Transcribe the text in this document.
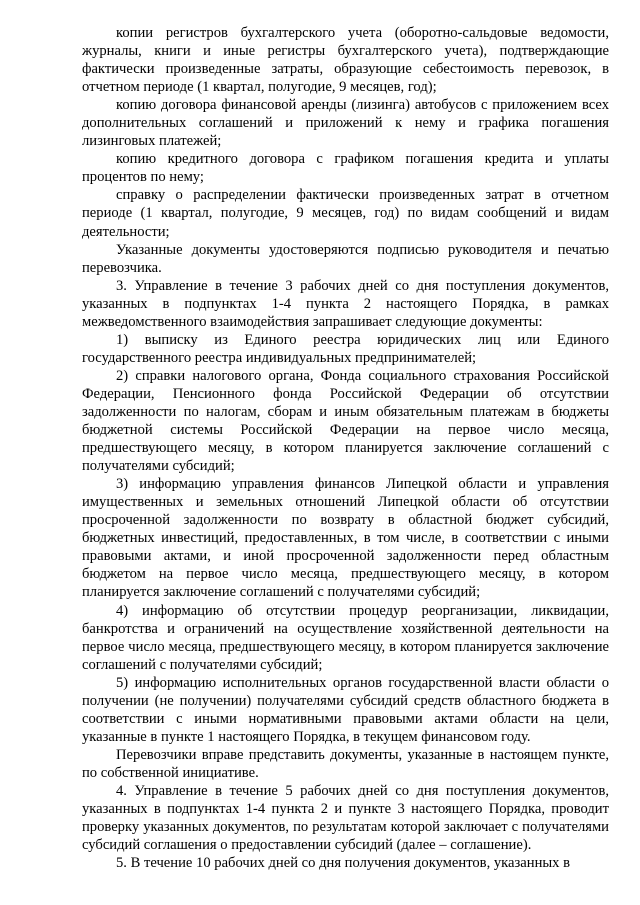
копии регистров бухгалтерского учета (оборотно-сальдовые ведомости, журналы, книги и иные регистры бухгалтерского учета), подтверждающие фактически произведенные затраты, образующие себестоимость перевозок, в отчетном периоде (1 квартал, полугодие, 9 месяцев, год);

копию договора финансовой аренды (лизинга) автобусов с приложением всех дополнительных соглашений и приложений к нему и графика погашения лизинговых платежей;

копию кредитного договора с графиком погашения кредита и уплаты процентов по нему;

справку о распределении фактически произведенных затрат в отчетном периоде (1 квартал, полугодие, 9 месяцев, год) по видам сообщений и видам деятельности;

Указанные документы удостоверяются подписью руководителя и печатью перевозчика.

3. Управление в течение 3 рабочих дней со дня поступления документов, указанных в подпунктах 1-4 пункта 2 настоящего Порядка, в рамках межведомственного взаимодействия запрашивает следующие документы:

1) выписку из Единого реестра юридических лиц или Единого государственного реестра индивидуальных предпринимателей;

2) справки налогового органа, Фонда социального страхования Российской Федерации, Пенсионного фонда Российской Федерации об отсутствии задолженности по налогам, сборам и иным обязательным платежам в бюджеты бюджетной системы Российской Федерации на первое число месяца, предшествующего месяцу, в котором планируется заключение соглашений с получателями субсидий;

3) информацию управления финансов Липецкой области и управления имущественных и земельных отношений Липецкой области об отсутствии просроченной задолженности по возврату в областной бюджет субсидий, бюджетных инвестиций, предоставленных, в том числе, в соответствии с иными правовыми актами, и иной просроченной задолженности перед областным бюджетом на первое число месяца, предшествующего месяцу, в котором планируется заключение соглашений с получателями субсидий;

4) информацию об отсутствии процедур реорганизации, ликвидации, банкротства и ограничений на осуществление хозяйственной деятельности на первое число месяца, предшествующего месяцу, в котором планируется заключение соглашений с получателями субсидий;

5) информацию исполнительных органов государственной власти области о получении (не получении) получателями субсидий средств областного бюджета в соответствии с иными нормативными правовыми актами области на цели, указанные в пункте 1 настоящего Порядка, в текущем финансовом году.

Перевозчики вправе представить документы, указанные в настоящем пункте, по собственной инициативе.

4. Управление в течение 5 рабочих дней со дня поступления документов, указанных в подпунктах 1-4 пункта 2 и пункте 3 настоящего Порядка, проводит проверку указанных документов, по результатам которой заключает с получателями субсидий соглашения о предоставлении субсидий (далее – соглашение).

5. В течение 10 рабочих дней со дня получения документов, указанных в
